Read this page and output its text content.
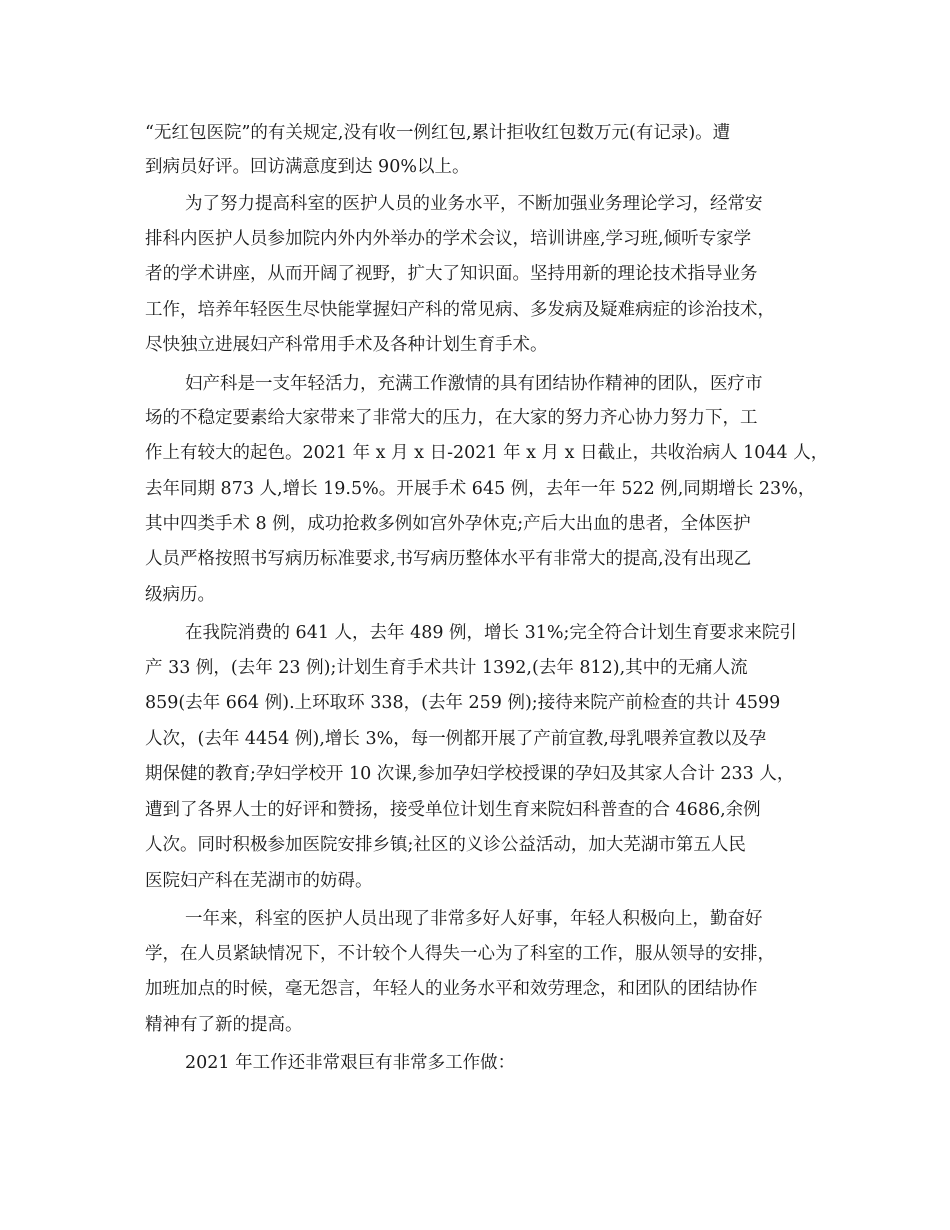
“无红包医院”的有关规定,没有收一例红包,累计拒收红包数万元(有记录)。遭

到病员好评。回访满意度到达 90%以上。

为了努力提高科室的医护人员的业务水平，不断加强业务理论学习，经常安

排科内医护人员参加院内外内外举办的学术会议，培训讲座,学习班,倾听专家学

者的学术讲座，从而开阔了视野，扩大了知识面。坚持用新的理论技术指导业务

工作，培养年轻医生尽快能掌握妇产科的常见病、多发病及疑难病症的诊治技术，

尽快独立进展妇产科常用手术及各种计划生育手术。

妇产科是一支年轻活力，充满工作激情的具有团结协作精神的团队，医疗市

场的不稳定要素给大家带来了非常大的压力，在大家的努力齐心协力努力下，工

作上有较大的起色。2021 年 x 月 x 日-2021 年 x 月 x 日截止，共收治病人 1044 人，

去年同期 873 人,增长 19.5%。开展手术 645 例，去年一年 522 例,同期增长 23%，

其中四类手术 8 例，成功抢救多例如宫外孕休克;产后大出血的患者，全体医护

人员严格按照书写病历标准要求,书写病历整体水平有非常大的提高,没有出现乙

级病历。

在我院消费的 641 人，去年 489 例，增长 31%;完全符合计划生育要求来院引

产 33 例，(去年 23 例);计划生育手术共计 1392,(去年 812),其中的无痛人流

859(去年 664 例).上环取环 338，(去年 259 例);接待来院产前检查的共计 4599

人次，(去年 4454 例),增长 3%，每一例都开展了产前宣教,母乳喂养宣教以及孕

期保健的教育;孕妇学校开 10 次课,参加孕妇学校授课的孕妇及其家人合计 233 人，

遭到了各界人士的好评和赞扬，接受单位计划生育来院妇科普查的合 4686,余例

人次。同时积极参加医院安排乡镇;社区的义诊公益活动，加大芜湖市第五人民

医院妇产科在芜湖市的妨碍。

一年来，科室的医护人员出现了非常多好人好事，年轻人积极向上，勤奋好

学，在人员紧缺情况下，不计较个人得失一心为了科室的工作，服从领导的安排，

加班加点的时候，毫无怨言，年轻人的业务水平和效劳理念，和团队的团结协作

精神有了新的提高。

2021 年工作还非常艰巨有非常多工作做：
